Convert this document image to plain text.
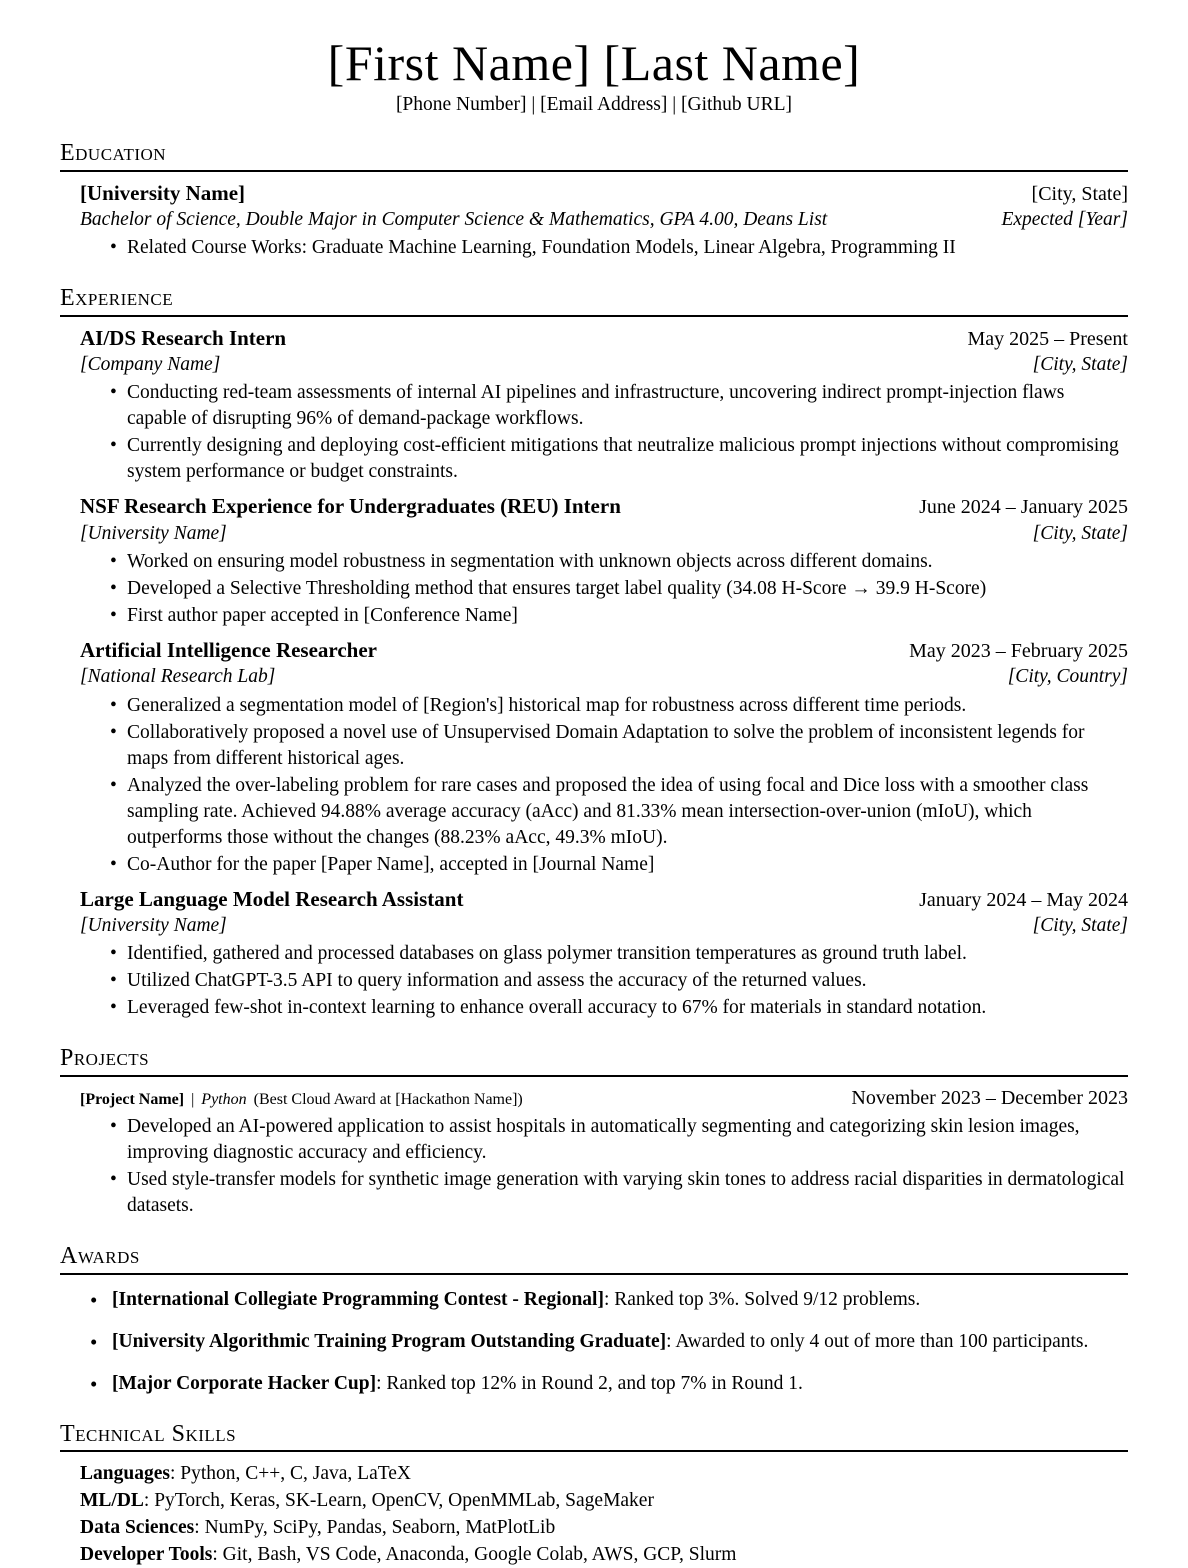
[First Name] [Last Name]
[Phone Number] | [Email Address] | [Github URL]
Education
[University Name]	[City, State]
Bachelor of Science, Double Major in Computer Science & Mathematics, GPA 4.00, Deans List	Expected [Year]
• Related Course Works: Graduate Machine Learning, Foundation Models, Linear Algebra, Programming II
Experience
AI/DS Research Intern	May 2025 – Present
[Company Name]	[City, State]
• Conducting red-team assessments of internal AI pipelines and infrastructure, uncovering indirect prompt-injection flaws capable of disrupting 96% of demand-package workflows.
• Currently designing and deploying cost-efficient mitigations that neutralize malicious prompt injections without compromising system performance or budget constraints.
NSF Research Experience for Undergraduates (REU) Intern	June 2024 – January 2025
[University Name]	[City, State]
• Worked on ensuring model robustness in segmentation with unknown objects across different domains.
• Developed a Selective Thresholding method that ensures target label quality (34.08 H-Score → 39.9 H-Score)
• First author paper accepted in [Conference Name]
Artificial Intelligence Researcher	May 2023 – February 2025
[National Research Lab]	[City, Country]
• Generalized a segmentation model of [Region's] historical map for robustness across different time periods.
• Collaboratively proposed a novel use of Unsupervised Domain Adaptation to solve the problem of inconsistent legends for maps from different historical ages.
• Analyzed the over-labeling problem for rare cases and proposed the idea of using focal and Dice loss with a smoother class sampling rate. Achieved 94.88% average accuracy (aAcc) and 81.33% mean intersection-over-union (mIoU), which outperforms those without the changes (88.23% aAcc, 49.3% mIoU).
• Co-Author for the paper [Paper Name], accepted in [Journal Name]
Large Language Model Research Assistant	January 2024 – May 2024
[University Name]	[City, State]
• Identified, gathered and processed databases on glass polymer transition temperatures as ground truth label.
• Utilized ChatGPT-3.5 API to query information and assess the accuracy of the returned values.
• Leveraged few-shot in-context learning to enhance overall accuracy to 67% for materials in standard notation.
Projects
[Project Name] | Python (Best Cloud Award at [Hackathon Name])	November 2023 – December 2023
• Developed an AI-powered application to assist hospitals in automatically segmenting and categorizing skin lesion images, improving diagnostic accuracy and efficiency.
• Used style-transfer models for synthetic image generation with varying skin tones to address racial disparities in dermatological datasets.
Awards
• [International Collegiate Programming Contest - Regional]: Ranked top 3%. Solved 9/12 problems.
• [University Algorithmic Training Program Outstanding Graduate]: Awarded to only 4 out of more than 100 participants.
• [Major Corporate Hacker Cup]: Ranked top 12% in Round 2, and top 7% in Round 1.
Technical Skills
Languages: Python, C++, C, Java, LaTeX
ML/DL: PyTorch, Keras, SK-Learn, OpenCV, OpenMMLab, SageMaker
Data Sciences: NumPy, SciPy, Pandas, Seaborn, MatPlotLib
Developer Tools: Git, Bash, VS Code, Anaconda, Google Colab, AWS, GCP, Slurm
